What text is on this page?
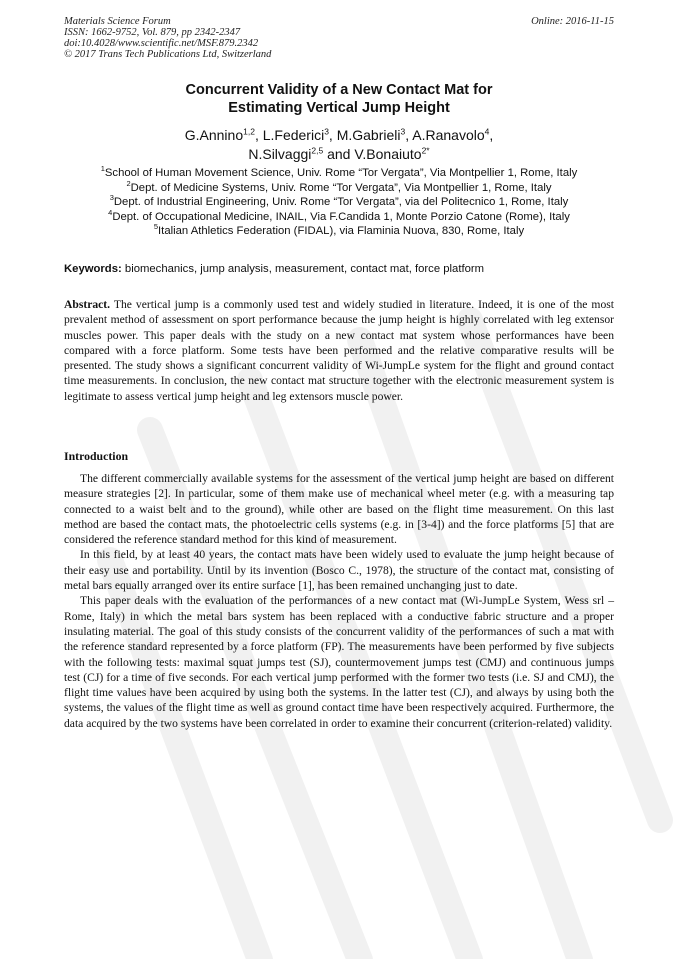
Materials Science Forum
ISSN: 1662-9752, Vol. 879, pp 2342-2347
doi:10.4028/www.scientific.net/MSF.879.2342
© 2017 Trans Tech Publications Ltd, Switzerland
Online: 2016-11-15
Concurrent Validity of a New Contact Mat for
Estimating Vertical Jump Height
G.Annino$^{1,2}$, L.Federici$^3$, M.Gabrieli$^3$, A.Ranavolo$^4$,
N.Silvaggi$^{2,5}$ and V.Bonaiuto$^{2*}$
$^1$School of Human Movement Science, Univ. Rome “Tor Vergata”, Via Montpellier 1, Rome, Italy
$^2$Dept. of Medicine Systems, Univ. Rome “Tor Vergata”, Via Montpellier 1, Rome, Italy
$^3$Dept. of Industrial Engineering, Univ. Rome “Tor Vergata”, via del Politecnico 1, Rome, Italy
$^4$Dept. of Occupational Medicine, INAIL, Via F.Candida 1, Monte Porzio Catone (Rome), Italy
$^5$Italian Athletics Federation (FIDAL), via Flaminia Nuova, 830, Rome, Italy
Keywords: biomechanics, jump analysis, measurement, contact mat, force platform
Abstract. The vertical jump is a commonly used test and widely studied in literature. Indeed, it is one of the most prevalent method of assessment on sport performance because the jump height is highly correlated with leg extensor muscles power. This paper deals with the study on a new contact mat system whose performances have been compared with a force platform. Some tests have been performed and the relative comparative results will be presented. The study shows a significant concurrent validity of Wi-JumpLe system for the flight and ground contact time measurements. In conclusion, the new contact mat structure together with the electronic measurement system is legitimate to assess vertical jump height and leg extensors muscle power.
Introduction

The different commercially available systems for the assessment of the vertical jump height are based on different measure strategies [2]. In particular, some of them make use of mechanical wheel meter (e.g. with a measuring tap connected to a waist belt and to the ground), while other are based on the flight time measurement. On this last method are based the contact mats, the photoelectric cells systems (e.g. in [3-4]) and the force platforms [5] that are considered the reference standard method for this kind of measurement.

In this field, by at least 40 years, the contact mats have been widely used to evaluate the jump height because of their easy use and portability. Until by its invention (Bosco C., 1978), the structure of the contact mat, consisting of metal bars equally arranged over its entire surface [1], has been remained unchanging just to date.

This paper deals with the evaluation of the performances of a new contact mat (Wi-JumpLe System, Wess srl – Rome, Italy) in which the metal bars system has been replaced with a conductive fabric structure and a proper insulating material. The goal of this study consists of the concurrent validity of the performances of such a mat with the reference standard represented by a force platform (FP). The measurements have been performed by five subjects with the following tests: maximal squat jumps test (SJ), countermovement jumps test (CMJ) and continuous jumps test (CJ) for a time of five seconds. For each vertical jump performed with the former two tests (i.e. SJ and CMJ), the flight time values have been acquired by using both the systems. In the latter test (CJ), and always by using both the systems, the values of the flight time as well as ground contact time have been respectively acquired. Furthermore, the data acquired by the two systems have been correlated in order to examine their concurrent (criterion-related) validity.
